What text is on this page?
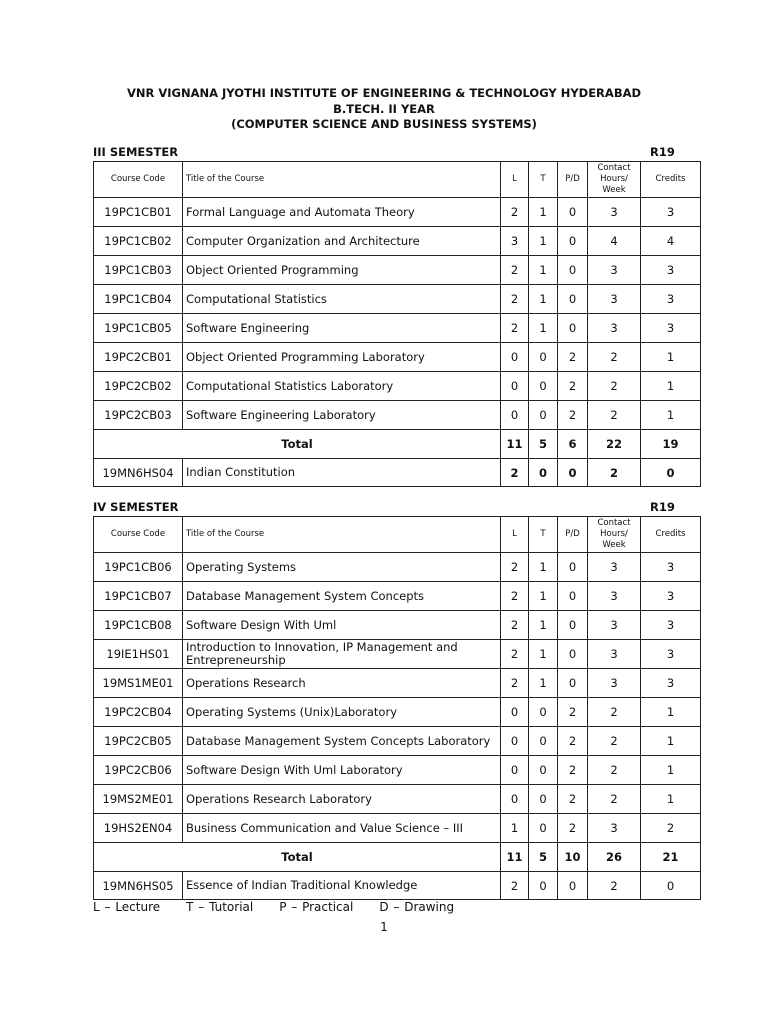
VNR VIGNANA JYOTHI INSTITUTE OF ENGINEERING & TECHNOLOGY HYDERABAD
B.TECH. II YEAR
(COMPUTER SCIENCE AND BUSINESS SYSTEMS)
III SEMESTER	R19
Course Code	Title of the Course	L	T	P/D	Contact Hours/ Week	Credits
19PC1CB01	Formal Language and Automata Theory	2	1	0	3	3
19PC1CB02	Computer Organization and Architecture	3	1	0	4	4
19PC1CB03	Object Oriented Programming	2	1	0	3	3
19PC1CB04	Computational Statistics	2	1	0	3	3
19PC1CB05	Software Engineering	2	1	0	3	3
19PC2CB01	Object Oriented Programming Laboratory	0	0	2	2	1
19PC2CB02	Computational Statistics Laboratory	0	0	2	2	1
19PC2CB03	Software Engineering Laboratory	0	0	2	2	1
Total		11	5	6	22	19
19MN6HS04	Indian Constitution	2	0	0	2	0
IV SEMESTER	R19
Course Code	Title of the Course	L	T	P/D	Contact Hours/ Week	Credits
19PC1CB06	Operating Systems	2	1	0	3	3
19PC1CB07	Database Management System Concepts	2	1	0	3	3
19PC1CB08	Software Design With Uml	2	1	0	3	3
19IE1HS01	Introduction to Innovation, IP Management and Entrepreneurship	2	1	0	3	3
19MS1ME01	Operations Research	2	1	0	3	3
19PC2CB04	Operating Systems (Unix)Laboratory	0	0	2	2	1
19PC2CB05	Database Management System Concepts Laboratory	0	0	2	2	1
19PC2CB06	Software Design With Uml Laboratory	0	0	2	2	1
19MS2ME01	Operations Research Laboratory	0	0	2	2	1
19HS2EN04	Business Communication and Value Science – III	1	0	2	3	2
Total		11	5	10	26	21
19MN6HS05	Essence of Indian Traditional Knowledge	2	0	0	2	0
L – Lecture T – Tutorial P – Practical D – Drawing
1
